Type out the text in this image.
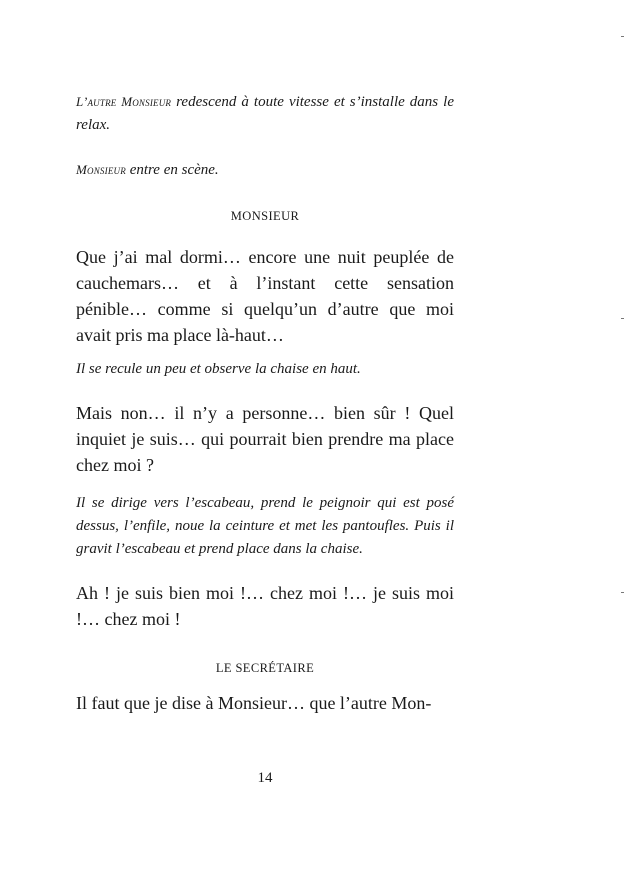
L’autre Monsieur redescend à toute vitesse et s’installe dans le relax.

Monsieur entre en scène.

MONSIEUR

Que j’ai mal dormi… encore une nuit peuplée de cauchemars… et à l’instant cette sensation pénible… comme si quelqu’un d’autre que moi avait pris ma place là-haut…

Il se recule un peu et observe la chaise en haut.

Mais non… il n’y a personne… bien sûr ! Quel inquiet je suis… qui pourrait bien prendre ma place chez moi ?

Il se dirige vers l’escabeau, prend le peignoir qui est posé dessus, l’enfile, noue la ceinture et met les pantoufles. Puis il gravit l’escabeau et prend place dans la chaise.

Ah ! je suis bien moi !… chez moi !… je suis moi !… chez moi !

LE SECRÉTAIRE

Il faut que je dise à Monsieur… que l’autre Mon-

14
